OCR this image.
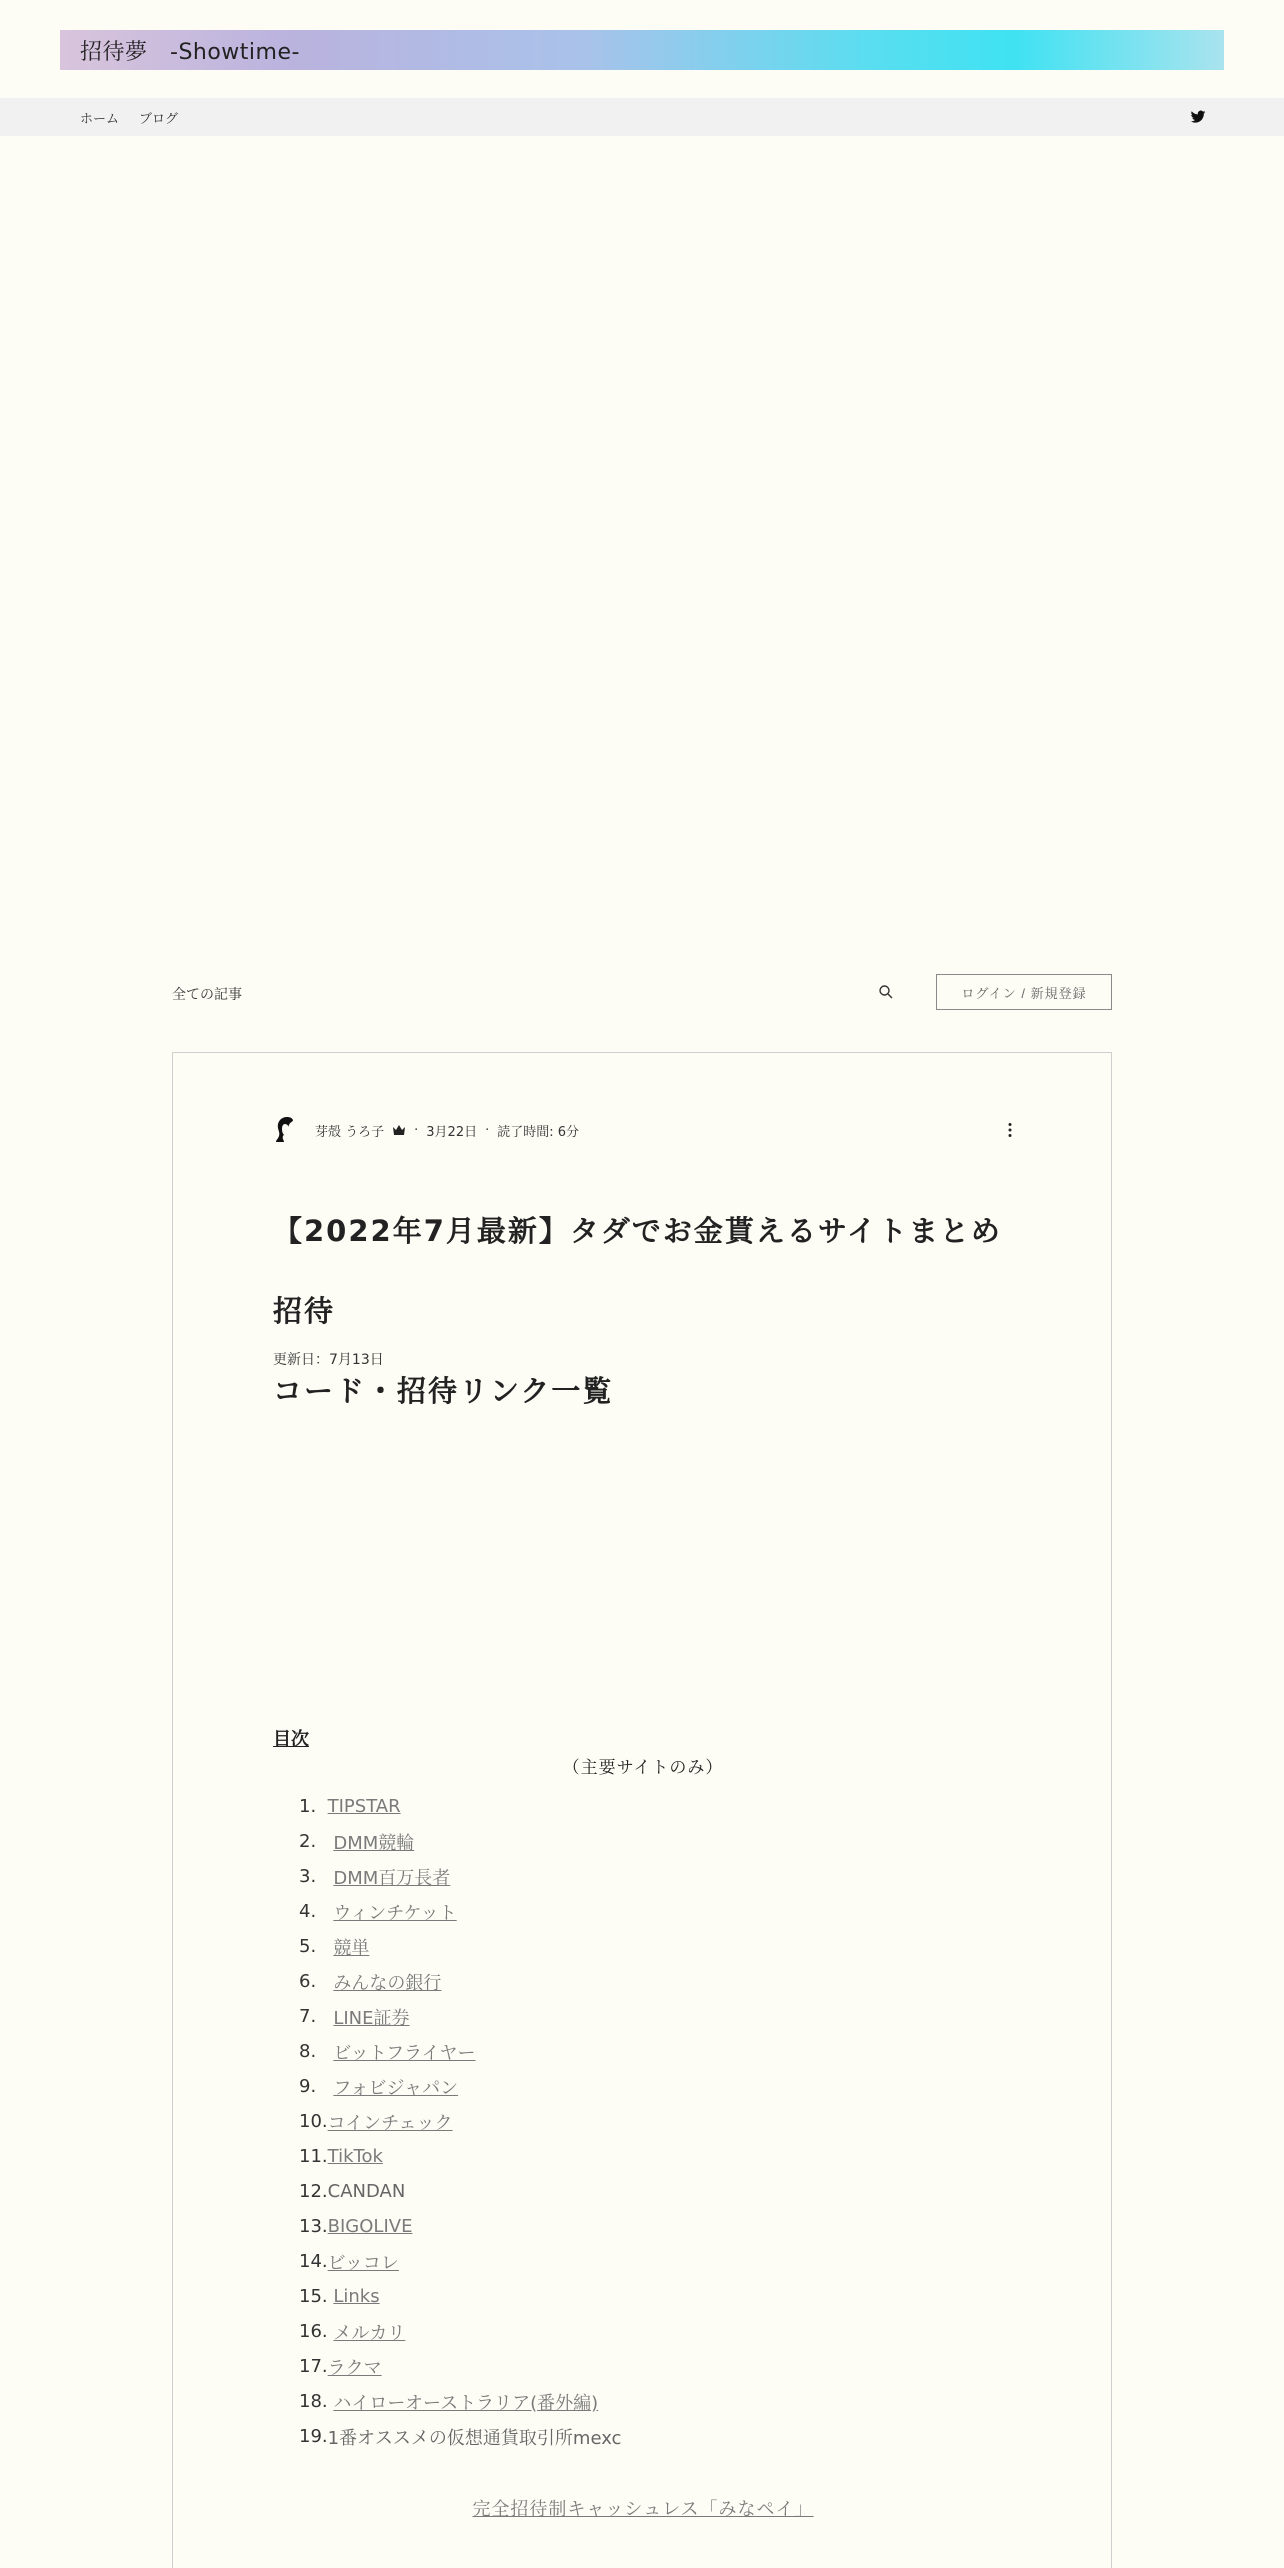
招待夢　-Showtime-
ホーム ブログ
全ての記事	ログイン / 新規登録
芽殻 うろ子 · 3月22日 · 読了時間: 6分
【2022年7月最新】タダでお金貰えるサイトまとめ　招待
コード・招待リンク一覧

更新日：7月13日

目次

（主要サイトのみ）

1. TIPSTAR
2. DMM競輪
3. DMM百万長者
4. ウィンチケット
5. 競単
6. みんなの銀行
7. LINE証券
8. ビットフライヤー
9. フォビジャパン
10. コインチェック
11. TikTok
12. CANDAN
13. BIGOLIVE
14. ビッコレ
15. Links
16. メルカリ
17. ラクマ
18. ハイローオーストラリア(番外編)
19. 1番オススメの仮想通貨取引所mexc
完全招待制キャッシュレス「みなペイ」
